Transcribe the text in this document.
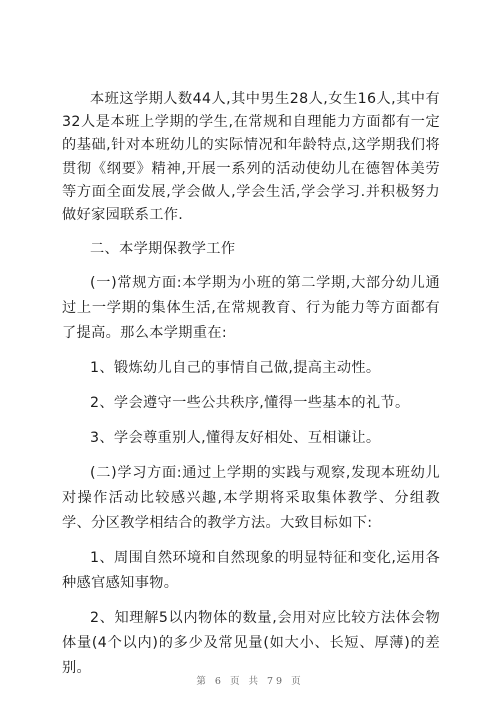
本班这学期人数44人,其中男生28人,女生16人,其中有32人是本班上学期的学生,在常规和自理能力方面都有一定的基础,针对本班幼儿的实际情况和年龄特点,这学期我们将贯彻《纲要》精神,开展一系列的活动使幼儿在德智体美劳等方面全面发展,学会做人,学会生活,学会学习.并积极努力做好家园联系工作.

二、本学期保教学工作

(一)常规方面:本学期为小班的第二学期,大部分幼儿通过上一学期的集体生活,在常规教育、行为能力等方面都有了提高。那么本学期重在:

1、锻炼幼儿自己的事情自己做,提高主动性。

2、学会遵守一些公共秩序,懂得一些基本的礼节。

3、学会尊重别人,懂得友好相处、互相谦让。

(二)学习方面:通过上学期的实践与观察,发现本班幼儿对操作活动比较感兴趣,本学期将采取集体教学、分组教学、分区教学相结合的教学方法。大致目标如下:

1、周围自然环境和自然现象的明显特征和变化,运用各种感官感知事物。

2、知理解5以内物体的数量,会用对应比较方法体会物体量(4个以内)的多少及常见量(如大小、长短、厚薄)的差别。

第 6 页 共 79 页
